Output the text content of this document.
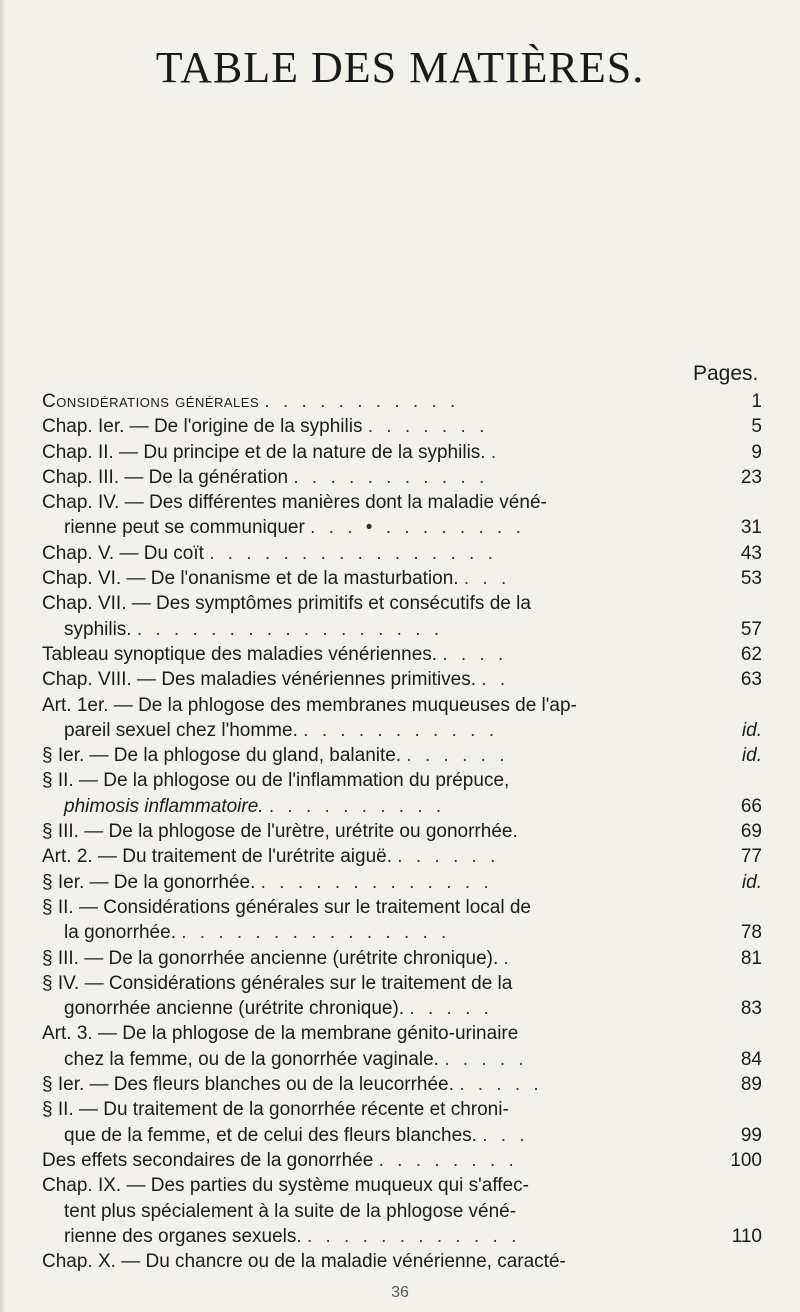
TABLE DES MATIÈRES.
Pages.
Considérations générales . . . . . . . . . . .	1
Chap. Ier. — De l'origine de la syphilis . . . . . . .	5
Chap. II. — Du principe et de la nature de la syphilis. .	9
Chap. III. — De la génération . . . . . . . . . . .	23
Chap. IV. — Des différentes manières dont la maladie véné-
rienne peut se communiquer . . . • . . . . . . . .	31
Chap. V. — Du coït . . . . . . . . . . . . . . . .	43
Chap. VI. — De l'onanisme et de la masturbation. . . .	53
Chap. VII. — Des symptômes primitifs et consécutifs de la
syphilis. . . . . . . . . . . . . . . . . .	57
Tableau synoptique des maladies vénériennes. . . . .	62
Chap. VIII. — Des maladies vénériennes primitives. . .	63
Art. 1er. — De la phlogose des membranes muqueuses de l'ap-
pareil sexuel chez l'homme. . . . . . . . . . . .	id.
§ Ier. — De la phlogose du gland, balanite. . . . . . .	id.
§ II. — De la phlogose ou de l'inflammation du prépuce,
phimosis inflammatoire. . . . . . . . . . .	66
§ III. — De la phlogose de l'urètre, urétrite ou gonorrhée.	69
Art. 2. — Du traitement de l'urétrite aiguë. . . . . . .	77
§ Ier. — De la gonorrhée. . . . . . . . . . . . . .	id.
§ II. — Considérations générales sur le traitement local de
la gonorrhée. . . . . . . . . . . . . . . .	78
§ III. — De la gonorrhée ancienne (urétrite chronique). .	81
§ IV. — Considérations générales sur le traitement de la
gonorrhée ancienne (urétrite chronique). . . . . .	83
Art. 3. — De la phlogose de la membrane génito-urinaire
chez la femme, ou de la gonorrhée vaginale. . . . . .	84
§ Ier. — Des fleurs blanches ou de la leucorrhée. . . . . .	89
§ II. — Du traitement de la gonorrhée récente et chroni-
que de la femme, et de celui des fleurs blanches. . . .	99
Des effets secondaires de la gonorrhée . . . . . . . .	100
Chap. IX. — Des parties du système muqueux qui s'affec-
tent plus spécialement à la suite de la phlogose véné-
rienne des organes sexuels. . . . . . . . . . . . .	110
Chap. X. — Du chancre ou de la maladie vénérienne, caracté-
36
